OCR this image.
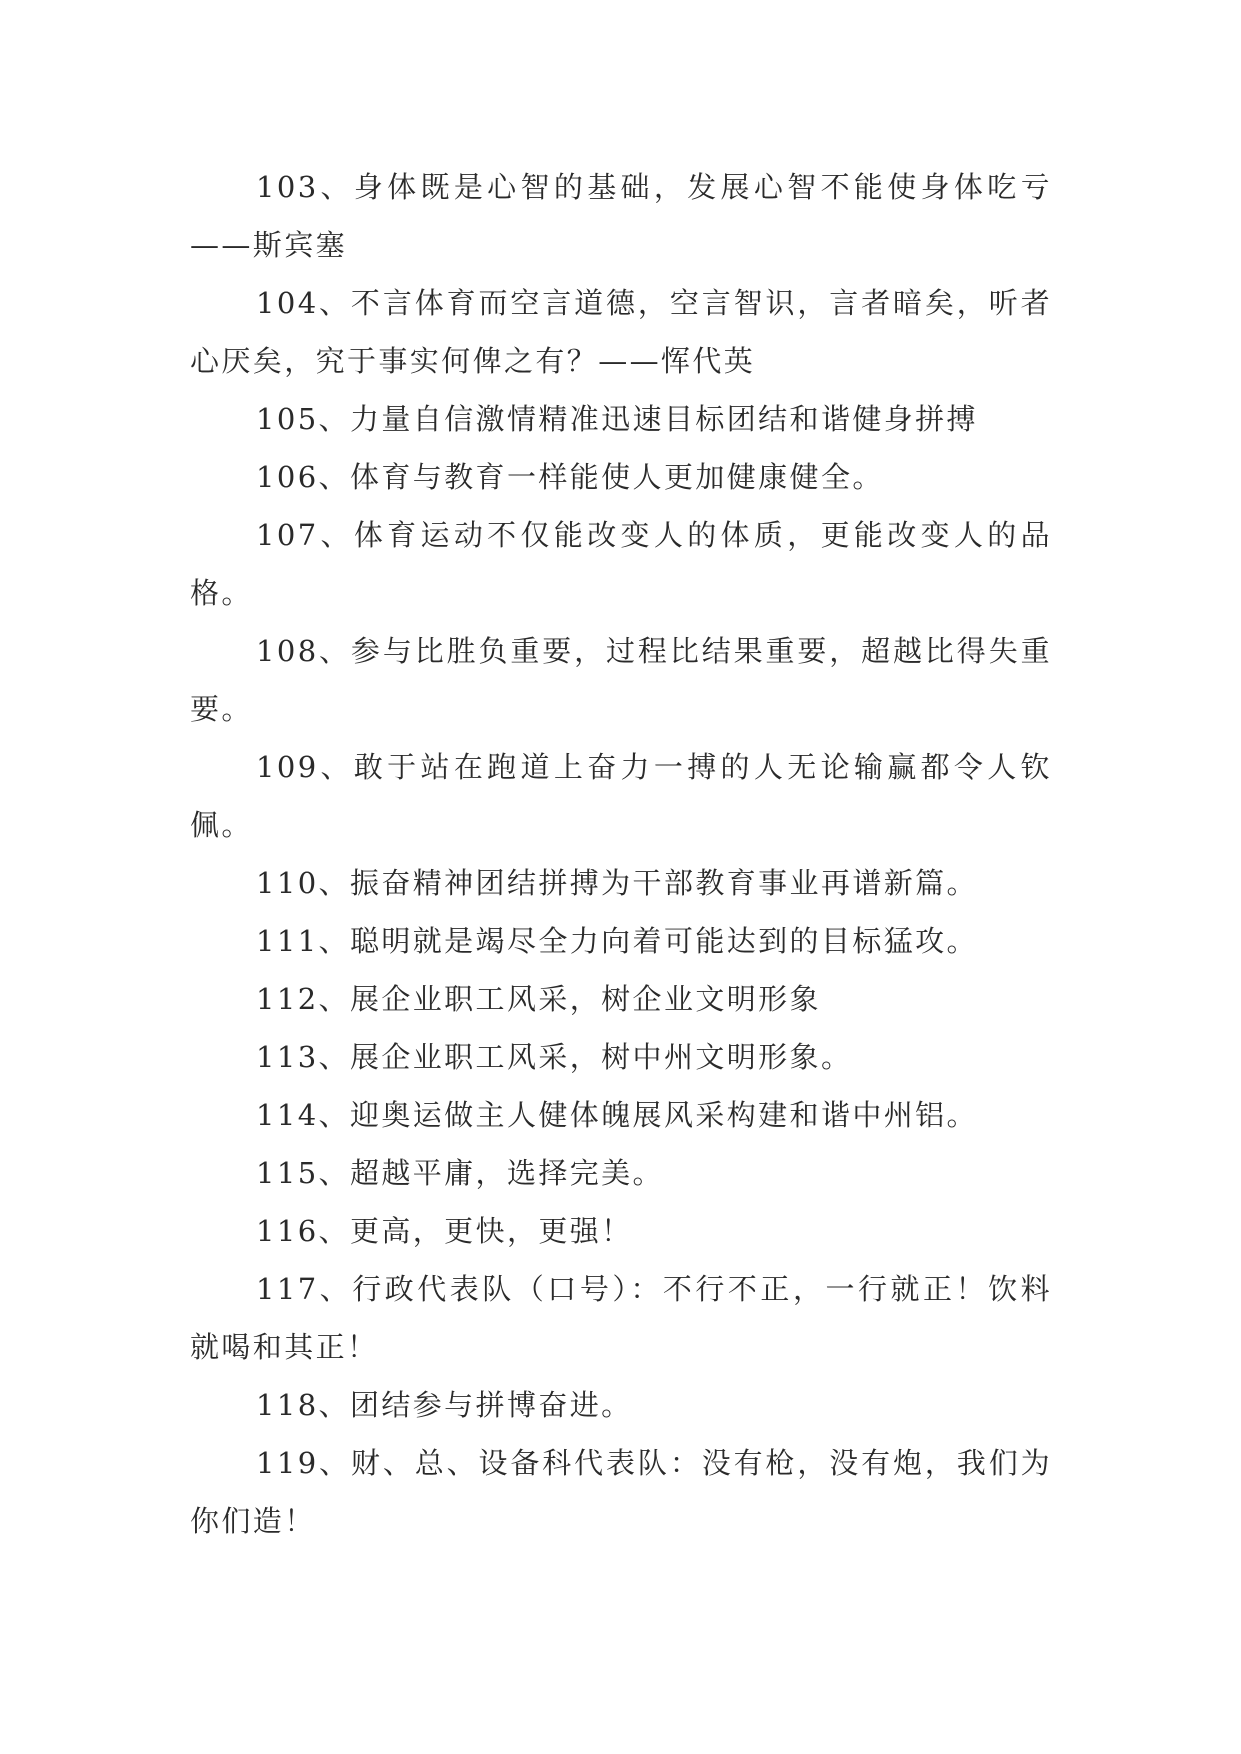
103、身体既是心智的基础，发展心智不能使身体吃亏——斯宾塞

104、不言体育而空言道德，空言智识，言者暗矣，听者心厌矣，究于事实何俾之有？——恽代英

105、力量自信激情精准迅速目标团结和谐健身拼搏

106、体育与教育一样能使人更加健康健全。

107、体育运动不仅能改变人的体质，更能改变人的品格。

108、参与比胜负重要，过程比结果重要，超越比得失重要。

109、敢于站在跑道上奋力一搏的人无论输赢都令人钦佩。

110、振奋精神团结拼搏为干部教育事业再谱新篇。

111、聪明就是竭尽全力向着可能达到的目标猛攻。

112、展企业职工风采，树企业文明形象

113、展企业职工风采，树中州文明形象。

114、迎奥运做主人健体魄展风采构建和谐中州铝。

115、超越平庸，选择完美。

116、更高，更快，更强！

117、行政代表队（口号）：不行不正，一行就正！饮料就喝和其正！

118、团结参与拼博奋进。

119、财、总、设备科代表队：没有枪，没有炮，我们为你们造！
